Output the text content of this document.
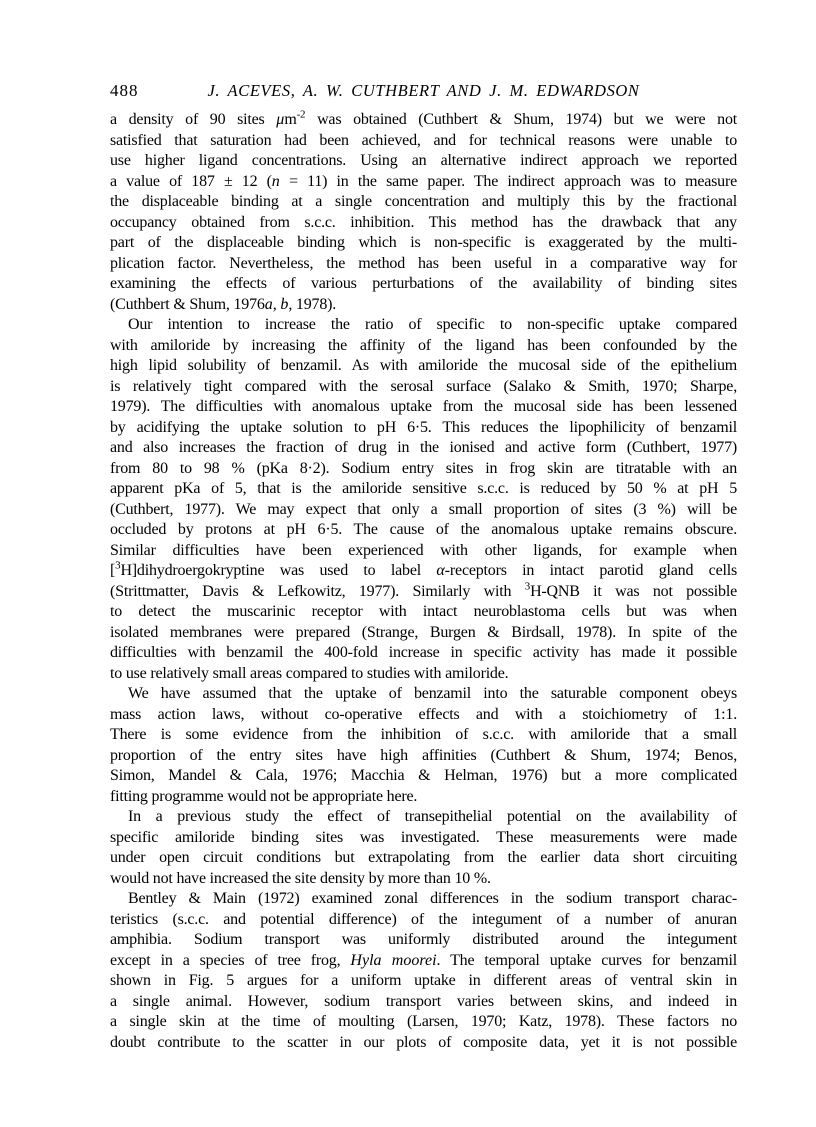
488	J. ACEVES, A. W. CUTHBERT AND J. M. EDWARDSON
a density of 90 sites $\mu m^{-2}$ was obtained (Cuthbert & Shum, 1974) but we were not
satisfied that saturation had been achieved, and for technical reasons were unable to
use higher ligand concentrations. Using an alternative indirect approach we reported
a value of 187 ± 12 (n = 11) in the same paper. The indirect approach was to measure
the displaceable binding at a single concentration and multiply this by the fractional
occupancy obtained from s.c.c. inhibition. This method has the drawback that any
part of the displaceable binding which is non-specific is exaggerated by the multi-
plication factor. Nevertheless, the method has been useful in a comparative way for
examining the effects of various perturbations of the availability of binding sites
(Cuthbert & Shum, 1976a, b, 1978).
Our intention to increase the ratio of specific to non-specific uptake compared
with amiloride by increasing the affinity of the ligand has been confounded by the
high lipid solubility of benzamil. As with amiloride the mucosal side of the epithelium
is relatively tight compared with the serosal surface (Salako & Smith, 1970; Sharpe,
1979). The difficulties with anomalous uptake from the mucosal side has been lessened
by acidifying the uptake solution to pH 6·5. This reduces the lipophilicity of benzamil
and also increases the fraction of drug in the ionised and active form (Cuthbert, 1977)
from 80 to 98 % (pKa 8·2). Sodium entry sites in frog skin are titratable with an
apparent pKa of 5, that is the amiloride sensitive s.c.c. is reduced by 50 % at pH 5
(Cuthbert, 1977). We may expect that only a small proportion of sites (3 %) will be
occluded by protons at pH 6·5. The cause of the anomalous uptake remains obscure.
Similar difficulties have been experienced with other ligands, for example when
[$^3$H]dihydroergokryptine was used to label α-receptors in intact parotid gland cells
(Strittmatter, Davis & Lefkowitz, 1977). Similarly with $^3$H-QNB it was not possible
to detect the muscarinic receptor with intact neuroblastoma cells but was when
isolated membranes were prepared (Strange, Burgen & Birdsall, 1978). In spite of the
difficulties with benzamil the 400-fold increase in specific activity has made it possible
to use relatively small areas compared to studies with amiloride.
We have assumed that the uptake of benzamil into the saturable component obeys
mass action laws, without co-operative effects and with a stoichiometry of 1:1.
There is some evidence from the inhibition of s.c.c. with amiloride that a small
proportion of the entry sites have high affinities (Cuthbert & Shum, 1974; Benos,
Simon, Mandel & Cala, 1976; Macchia & Helman, 1976) but a more complicated
fitting programme would not be appropriate here.
In a previous study the effect of transepithelial potential on the availability of
specific amiloride binding sites was investigated. These measurements were made
under open circuit conditions but extrapolating from the earlier data short circuiting
would not have increased the site density by more than 10 %.
Bentley & Main (1972) examined zonal differences in the sodium transport charac-
teristics (s.c.c. and potential difference) of the integument of a number of anuran
amphibia. Sodium transport was uniformly distributed around the integument
except in a species of tree frog, Hyla moorei. The temporal uptake curves for benzamil
shown in Fig. 5 argues for a uniform uptake in different areas of ventral skin in
a single animal. However, sodium transport varies between skins, and indeed in
a single skin at the time of moulting (Larsen, 1970; Katz, 1978). These factors no
doubt contribute to the scatter in our plots of composite data, yet it is not possible
